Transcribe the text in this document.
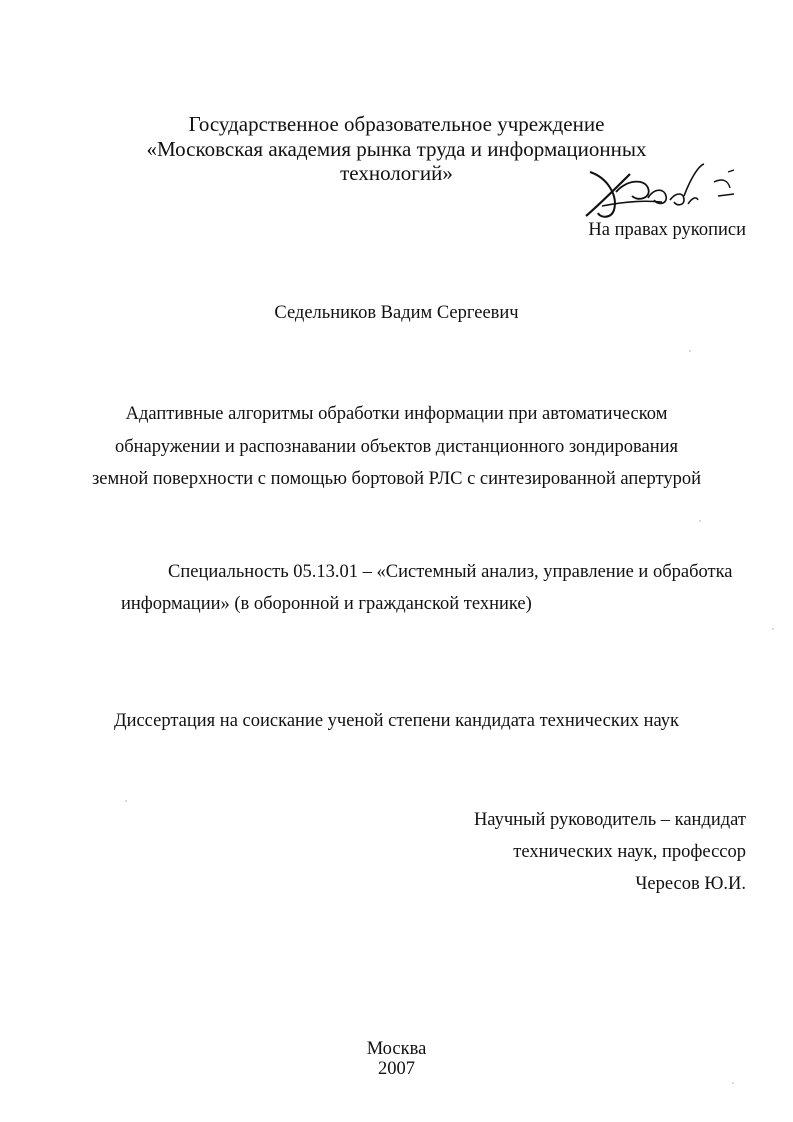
Государственное образовательное учреждение
«Московская академия рынка труда и информационных
технологий»
На правах рукописи
Седельников Вадим Сергеевич
Адаптивные алгоритмы обработки информации при автоматическом
обнаружении и распознавании объектов дистанционного зондирования
земной поверхности с помощью бортовой РЛС с синтезированной апертурой
Специальность 05.13.01 – «Системный анализ, управление и обработка
информации» (в оборонной и гражданской технике)
Диссертация на соискание ученой степени кандидата технических наук
Научный руководитель – кандидат
технических наук, профессор
Чересов Ю.И.
Москва
2007
